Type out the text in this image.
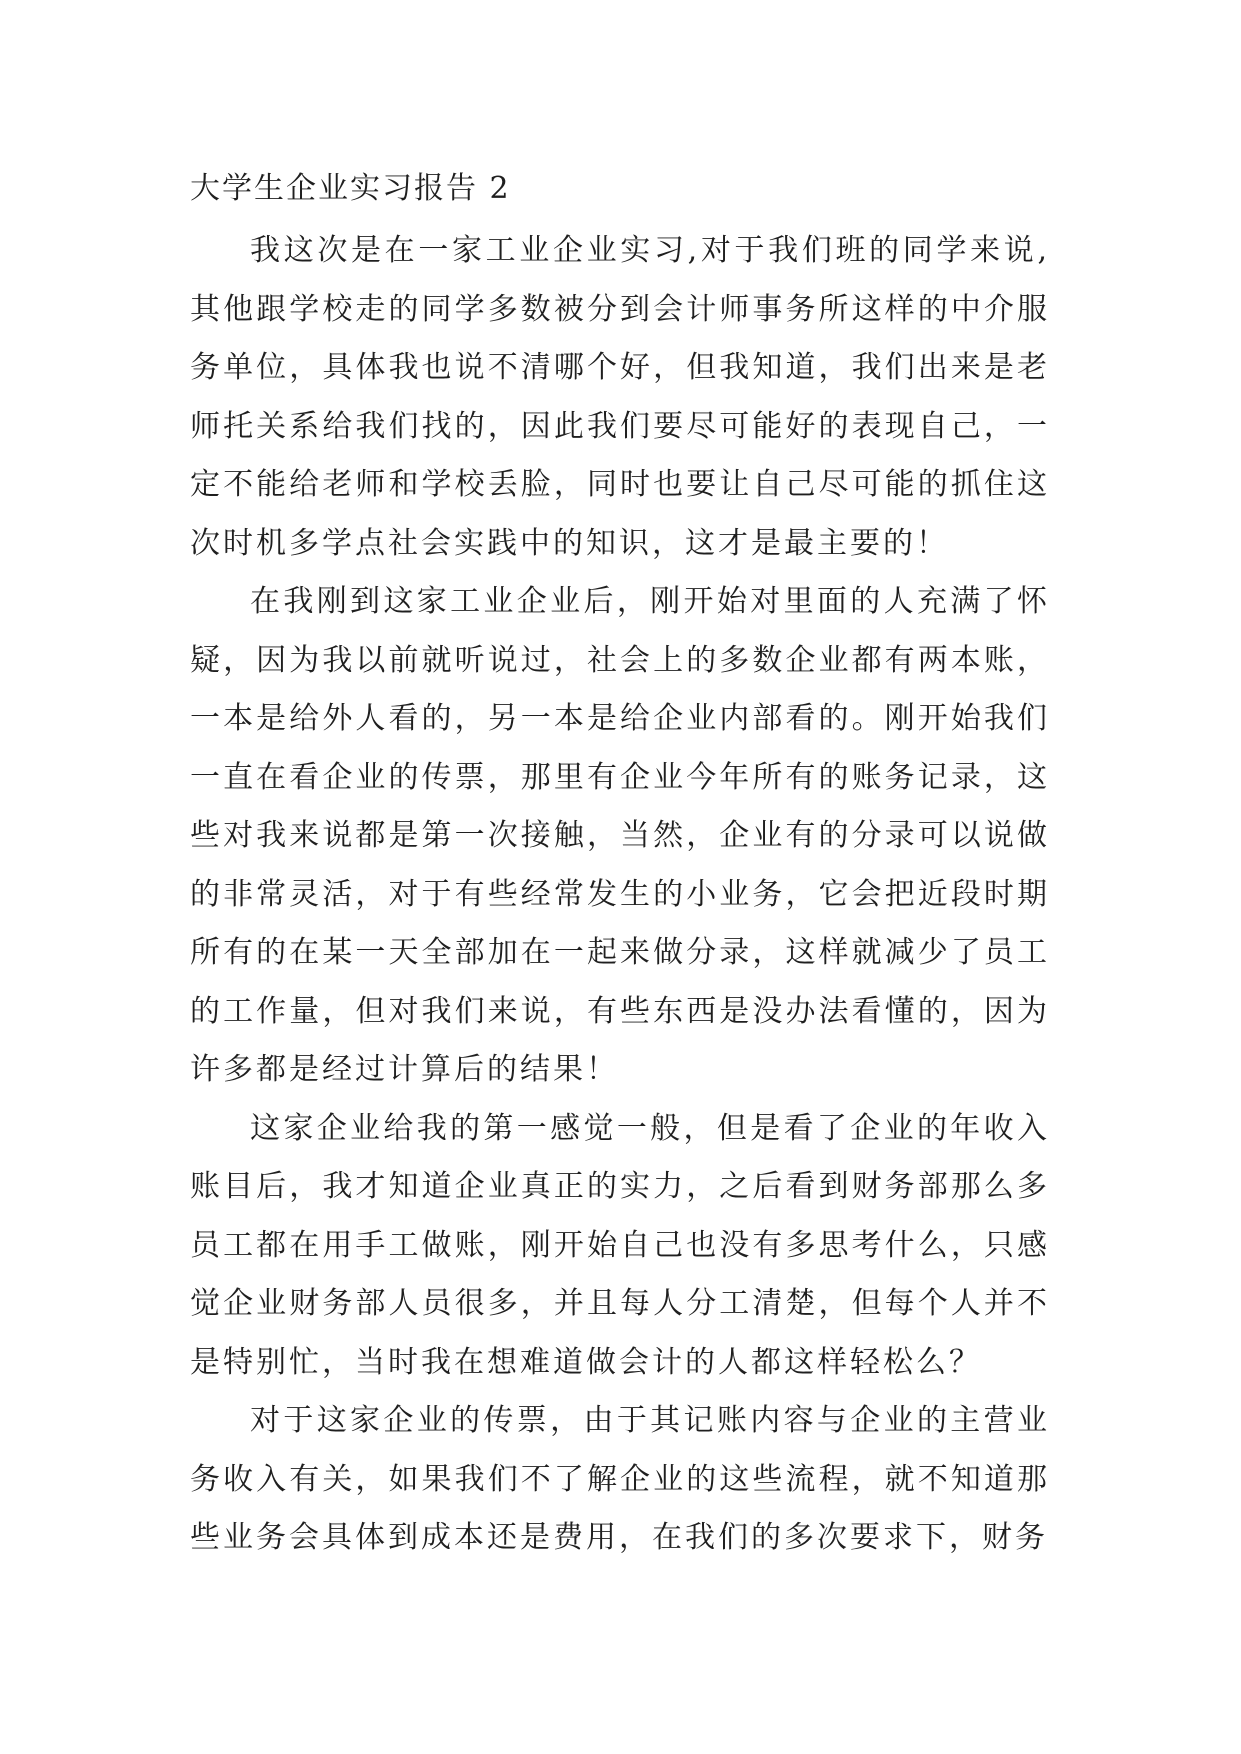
大学生企业实习报告 2

我这次是在一家工业企业实习,对于我们班的同学来说,其他跟学校走的同学多数被分到会计师事务所这样的中介服务单位，具体我也说不清哪个好，但我知道，我们出来是老师托关系给我们找的，因此我们要尽可能好的表现自己，一定不能给老师和学校丢脸，同时也要让自己尽可能的抓住这次时机多学点社会实践中的知识，这才是最主要的！

在我刚到这家工业企业后，刚开始对里面的人充满了怀疑，因为我以前就听说过，社会上的多数企业都有两本账，一本是给外人看的，另一本是给企业内部看的。刚开始我们一直在看企业的传票，那里有企业今年所有的账务记录，这些对我来说都是第一次接触，当然，企业有的分录可以说做的非常灵活，对于有些经常发生的小业务，它会把近段时期所有的在某一天全部加在一起来做分录，这样就减少了员工的工作量，但对我们来说，有些东西是没办法看懂的，因为许多都是经过计算后的结果！

这家企业给我的第一感觉一般，但是看了企业的年收入账目后，我才知道企业真正的实力，之后看到财务部那么多员工都在用手工做账，刚开始自己也没有多思考什么，只感觉企业财务部人员很多，并且每人分工清楚，但每个人并不是特别忙，当时我在想难道做会计的人都这样轻松么？

对于这家企业的传票，由于其记账内容与企业的主营业务收入有关，如果我们不了解企业的这些流程，就不知道那些业务会具体到成本还是费用，在我们的多次要求下，财务
